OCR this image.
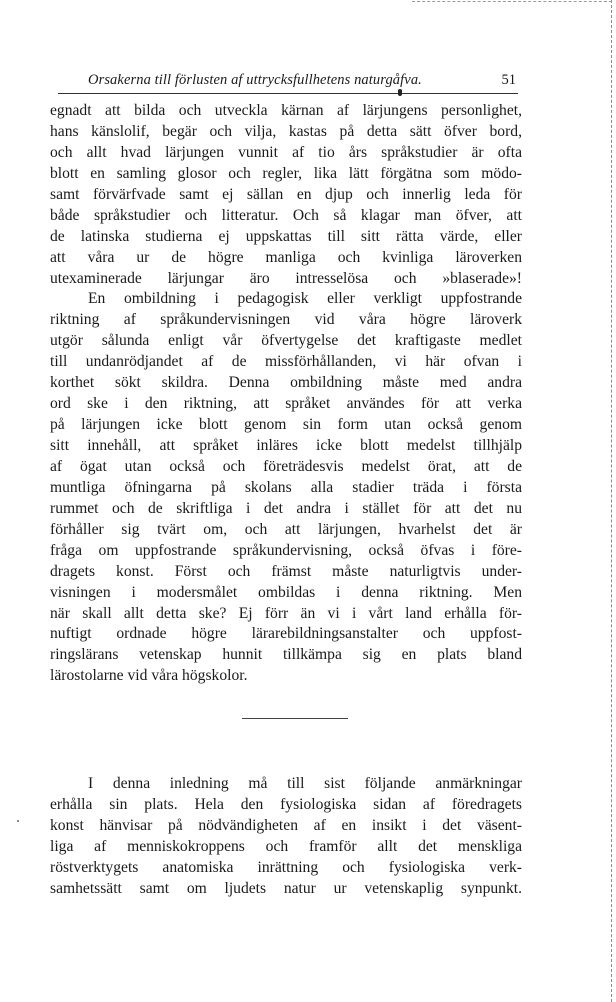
Orsakerna till förlusten af uttrycksfullhetens naturgåfva.	51
egnadt att bilda och utveckla kärnan af lärjungens personlighet,
hans känslolif, begär och vilja, kastas på detta sätt öfver bord,
och allt hvad lärjungen vunnit af tio års språkstudier är ofta
blott en samling glosor och regler, lika lätt förgätna som mödo-
samt förvärfvade samt ej sällan en djup och innerlig leda för
både språkstudier och litteratur. Och så klagar man öfver, att
de latinska studierna ej uppskattas till sitt rätta värde, eller
att våra ur de högre manliga och kvinliga läroverken
utexaminerade lärjungar äro intresselösa och »blaserade»!
En ombildning i pedagogisk eller verkligt uppfostrande
riktning af språkundervisningen vid våra högre läroverk
utgör sålunda enligt vår öfvertygelse det kraftigaste medlet
till undanrödjandet af de missförhållanden, vi här ofvan i
korthet sökt skildra. Denna ombildning måste med andra
ord ske i den riktning, att språket användes för att verka
på lärjungen icke blott genom sin form utan också genom
sitt innehåll, att språket inläres icke blott medelst tillhjälp
af ögat utan också och företrädesvis medelst örat, att de
muntliga öfningarna på skolans alla stadier träda i första
rummet och de skriftliga i det andra i stället för att det nu
förhåller sig tvärt om, och att lärjungen, hvarhelst det är
fråga om uppfostrande språkundervisning, också öfvas i före-
dragets konst. Först och främst måste naturligtvis under-
visningen i modersmålet ombildas i denna riktning. Men
när skall allt detta ske? Ej förr än vi i vårt land erhålla för-
nuftigt ordnade högre lärarebildningsanstalter och uppfost-
ringslärans vetenskap hunnit tillkämpa sig en plats bland
lärostolarne vid våra högskolor.
I denna inledning må till sist följande anmärkningar
erhålla sin plats. Hela den fysiologiska sidan af föredragets
konst hänvisar på nödvändigheten af en insikt i det väsent-
liga af menniskokroppens och framför allt det menskliga
röstverktygets anatomiska inrättning och fysiologiska verk-
samhetssätt samt om ljudets natur ur vetenskaplig synpunkt.
